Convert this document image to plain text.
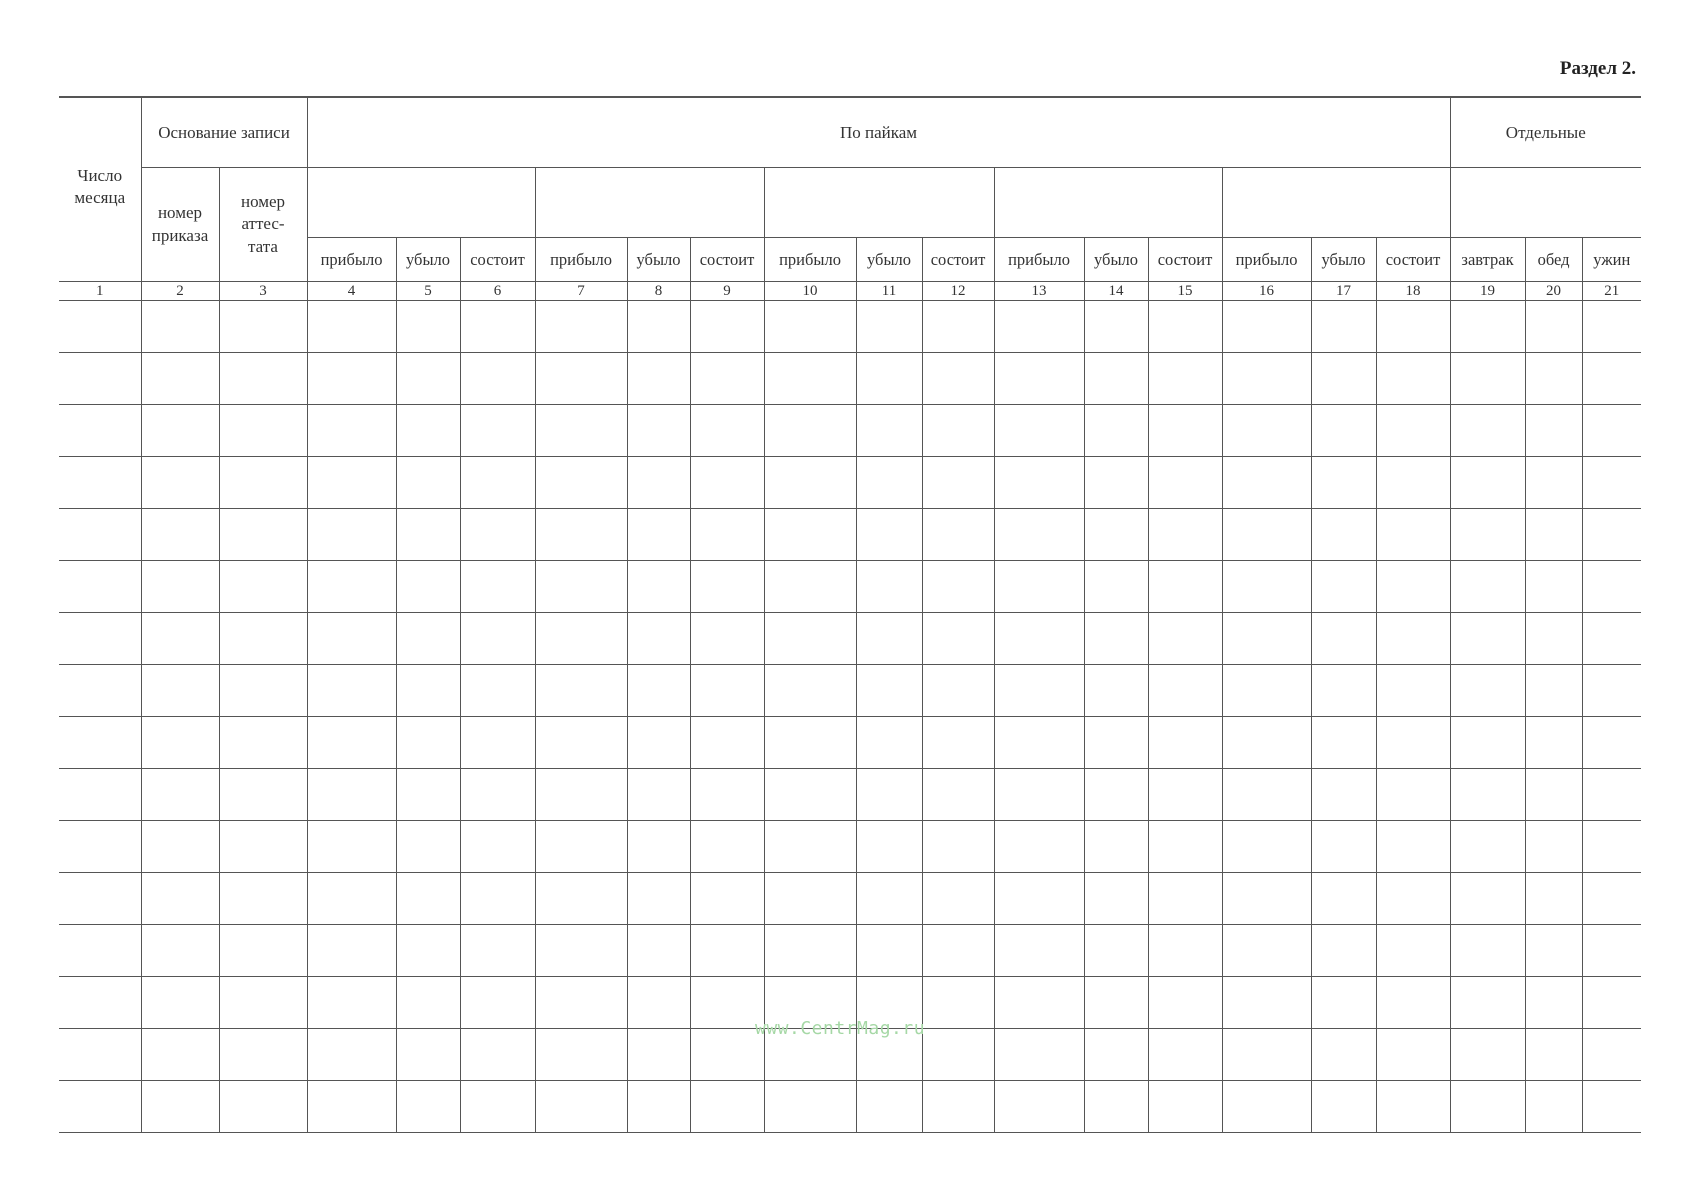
Раздел 2.
Число месяца	Основание записи		По пайкам															Отдельные		
	номер приказа	номер аттес-тата																		
			прибыло	убыло	состоит	прибыло	убыло	состоит	прибыло	убыло	состоит	прибыло	убыло	состоит	прибыло	убыло	состоит	завтрак	обед	ужин
1	2	3	4	5	6	7	8	9	10	11	12	13	14	15	16	17	18	19	20	21

www.CentrMag.ru
